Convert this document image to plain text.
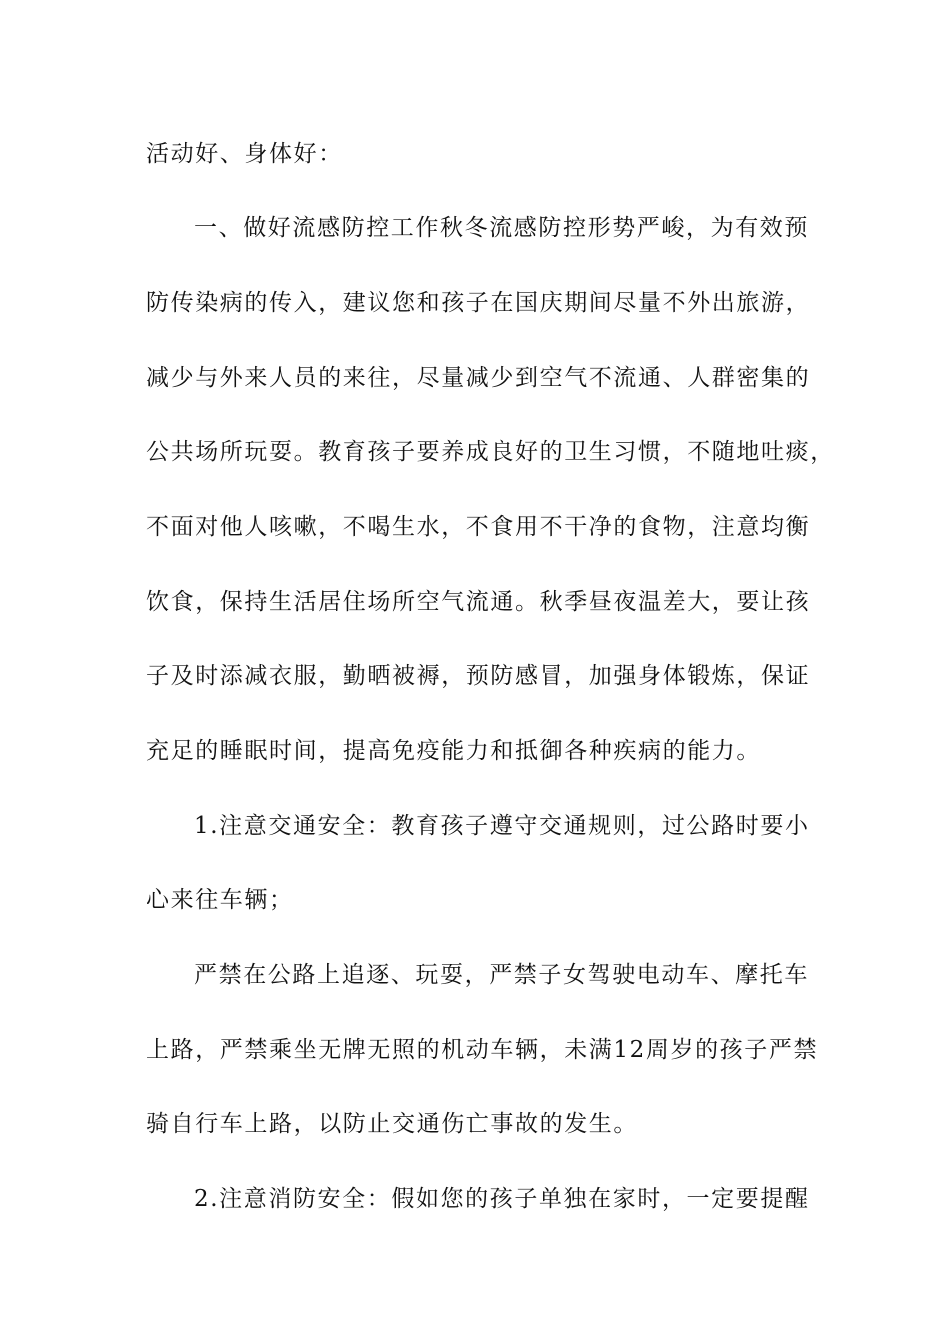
活动好、身体好：
一、做好流感防控工作秋冬流感防控形势严峻，为有效预
防传染病的传入，建议您和孩子在国庆期间尽量不外出旅游，
减少与外来人员的来往，尽量减少到空气不流通、人群密集的
公共场所玩耍。教育孩子要养成良好的卫生习惯，不随地吐痰，
不面对他人咳嗽，不喝生水，不食用不干净的食物，注意均衡
饮食，保持生活居住场所空气流通。秋季昼夜温差大，要让孩
子及时添减衣服，勤晒被褥，预防感冒，加强身体锻炼，保证
充足的睡眠时间，提高免疫能力和抵御各种疾病的能力。
1.注意交通安全：教育孩子遵守交通规则，过公路时要小
心来往车辆；
严禁在公路上追逐、玩耍，严禁子女驾驶电动车、摩托车
上路，严禁乘坐无牌无照的机动车辆，未满12周岁的孩子严禁
骑自行车上路，以防止交通伤亡事故的发生。
2.注意消防安全：假如您的孩子单独在家时，一定要提醒
